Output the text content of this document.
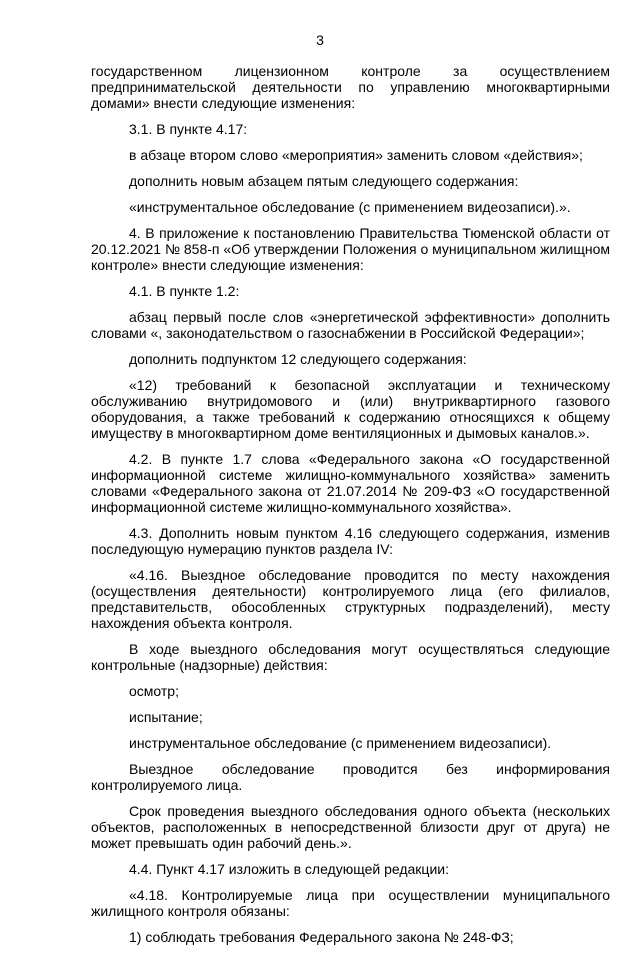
3

государственном лицензионном контроле за осуществлением предпринимательской деятельности по управлению многоквартирными домами» внести следующие изменения:

3.1. В пункте 4.17:

в абзаце втором слово «мероприятия» заменить словом «действия»;

дополнить новым абзацем пятым следующего содержания:

«инструментальное обследование (с применением видеозаписи).».

4. В приложение к постановлению Правительства Тюменской области от 20.12.2021 № 858-п «Об утверждении Положения о муниципальном жилищном контроле» внести следующие изменения:

4.1. В пункте 1.2:

абзац первый после слов «энергетической эффективности» дополнить словами «, законодательством о газоснабжении в Российской Федерации»;

дополнить подпунктом 12 следующего содержания:

«12) требований к безопасной эксплуатации и техническому обслуживанию внутридомового и (или) внутриквартирного газового оборудования, а также требований к содержанию относящихся к общему имуществу в многоквартирном доме вентиляционных и дымовых каналов.».

4.2. В пункте 1.7 слова «Федерального закона «О государственной информационной системе жилищно-коммунального хозяйства» заменить словами «Федерального закона от 21.07.2014 № 209-ФЗ «О государственной информационной системе жилищно-коммунального хозяйства».

4.3. Дополнить новым пунктом 4.16 следующего содержания, изменив последующую нумерацию пунктов раздела IV:

«4.16. Выездное обследование проводится по месту нахождения (осуществления деятельности) контролируемого лица (его филиалов, представительств, обособленных структурных подразделений), месту нахождения объекта контроля.

В ходе выездного обследования могут осуществляться следующие контрольные (надзорные) действия:

осмотр;

испытание;

инструментальное обследование (с применением видеозаписи).

Выездное обследование проводится без информирования контролируемого лица.

Срок проведения выездного обследования одного объекта (нескольких объектов, расположенных в непосредственной близости друг от друга) не может превышать один рабочий день.».

4.4. Пункт 4.17 изложить в следующей редакции:

«4.18. Контролируемые лица при осуществлении муниципального жилищного контроля обязаны:

1) соблюдать требования Федерального закона № 248-ФЗ;
